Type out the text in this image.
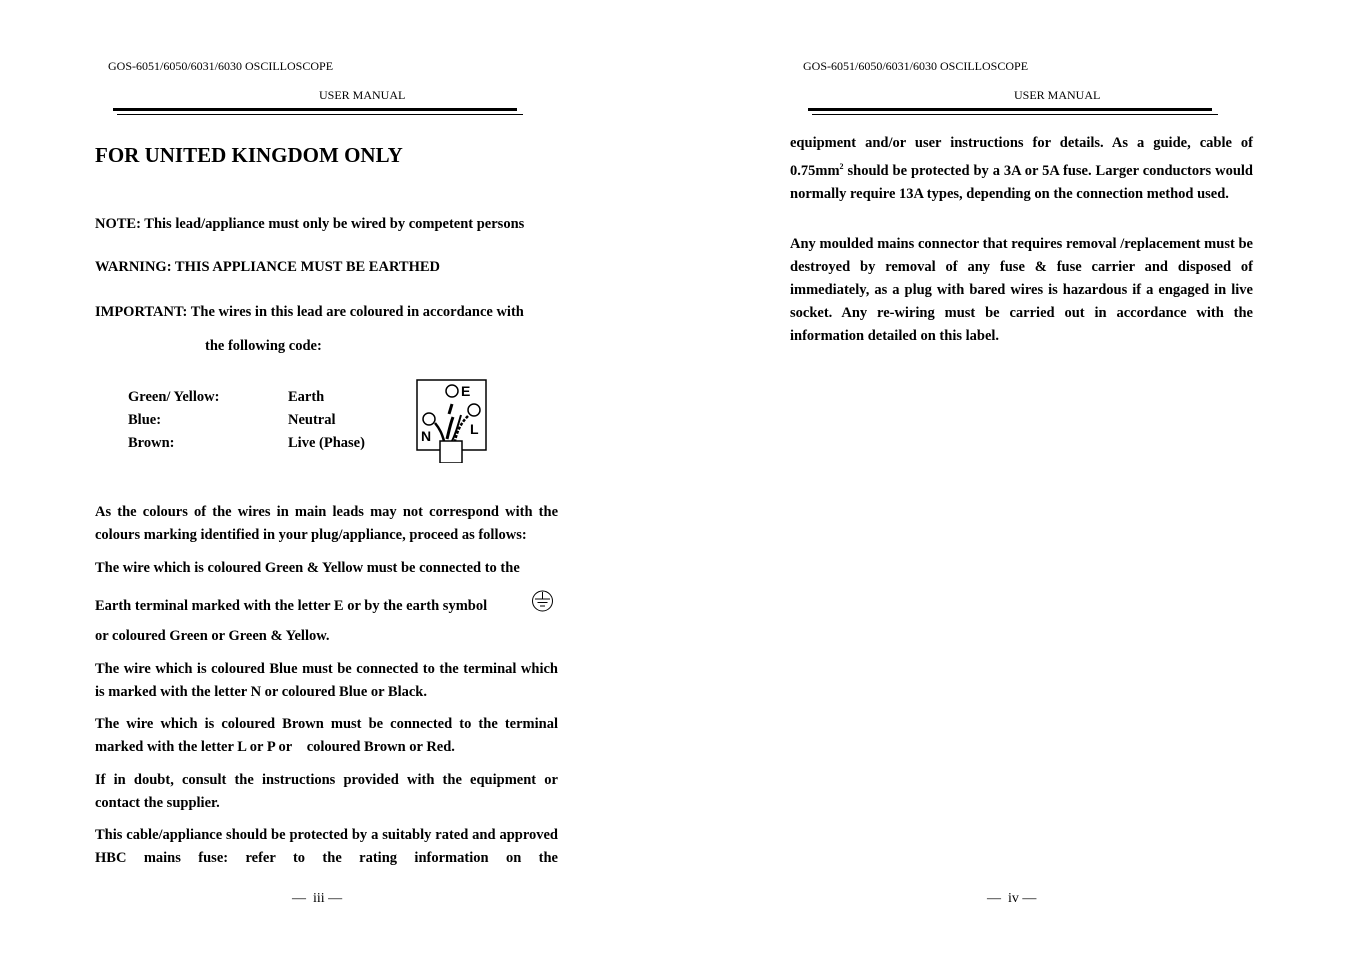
GOS-6051/6050/6031/6030 OSCILLOSCOPE
USER MANUAL
FOR UNITED KINGDOM ONLY
NOTE: This lead/appliance must only be wired by competent persons
WARNING: THIS APPLIANCE MUST BE EARTHED
IMPORTANT: The wires in this lead are coloured in accordance with
the following code:
Green/ Yellow:	Earth
Blue:	Neutral
Brown:	Live (Phase)
E
N	L

As the colours of the wires in main leads may not correspond with the colours marking identified in your plug/appliance, proceed as follows:

The wire which is coloured Green & Yellow must be connected to the
Earth terminal marked with the letter E or by the earth symbol
or coloured Green or Green & Yellow.

The wire which is coloured Blue must be connected to the terminal which is marked with the letter N or coloured Blue or Black.

The wire which is coloured Brown must be connected to the terminal marked with the letter L or P or    coloured Brown or Red.

If in doubt, consult the instructions provided with the equipment or contact the supplier.

This cable/appliance should be protected by a suitably rated and approved HBC mains fuse: refer to the rating information on the

—  iii —
GOS-6051/6050/6031/6030 OSCILLOSCOPE
USER MANUAL

equipment and/or user instructions for details. As a guide, cable of $0.75mm^2$ should be protected by a 3A or 5A fuse. Larger conductors would normally require 13A types, depending on the connection method used.

Any moulded mains connector that requires removal /replacement must be destroyed by removal of any fuse & fuse carrier and disposed of immediately, as a plug with bared wires is hazardous if a engaged in live socket. Any re-wiring must be carried out in accordance with the information detailed on this label.

—  iv —
